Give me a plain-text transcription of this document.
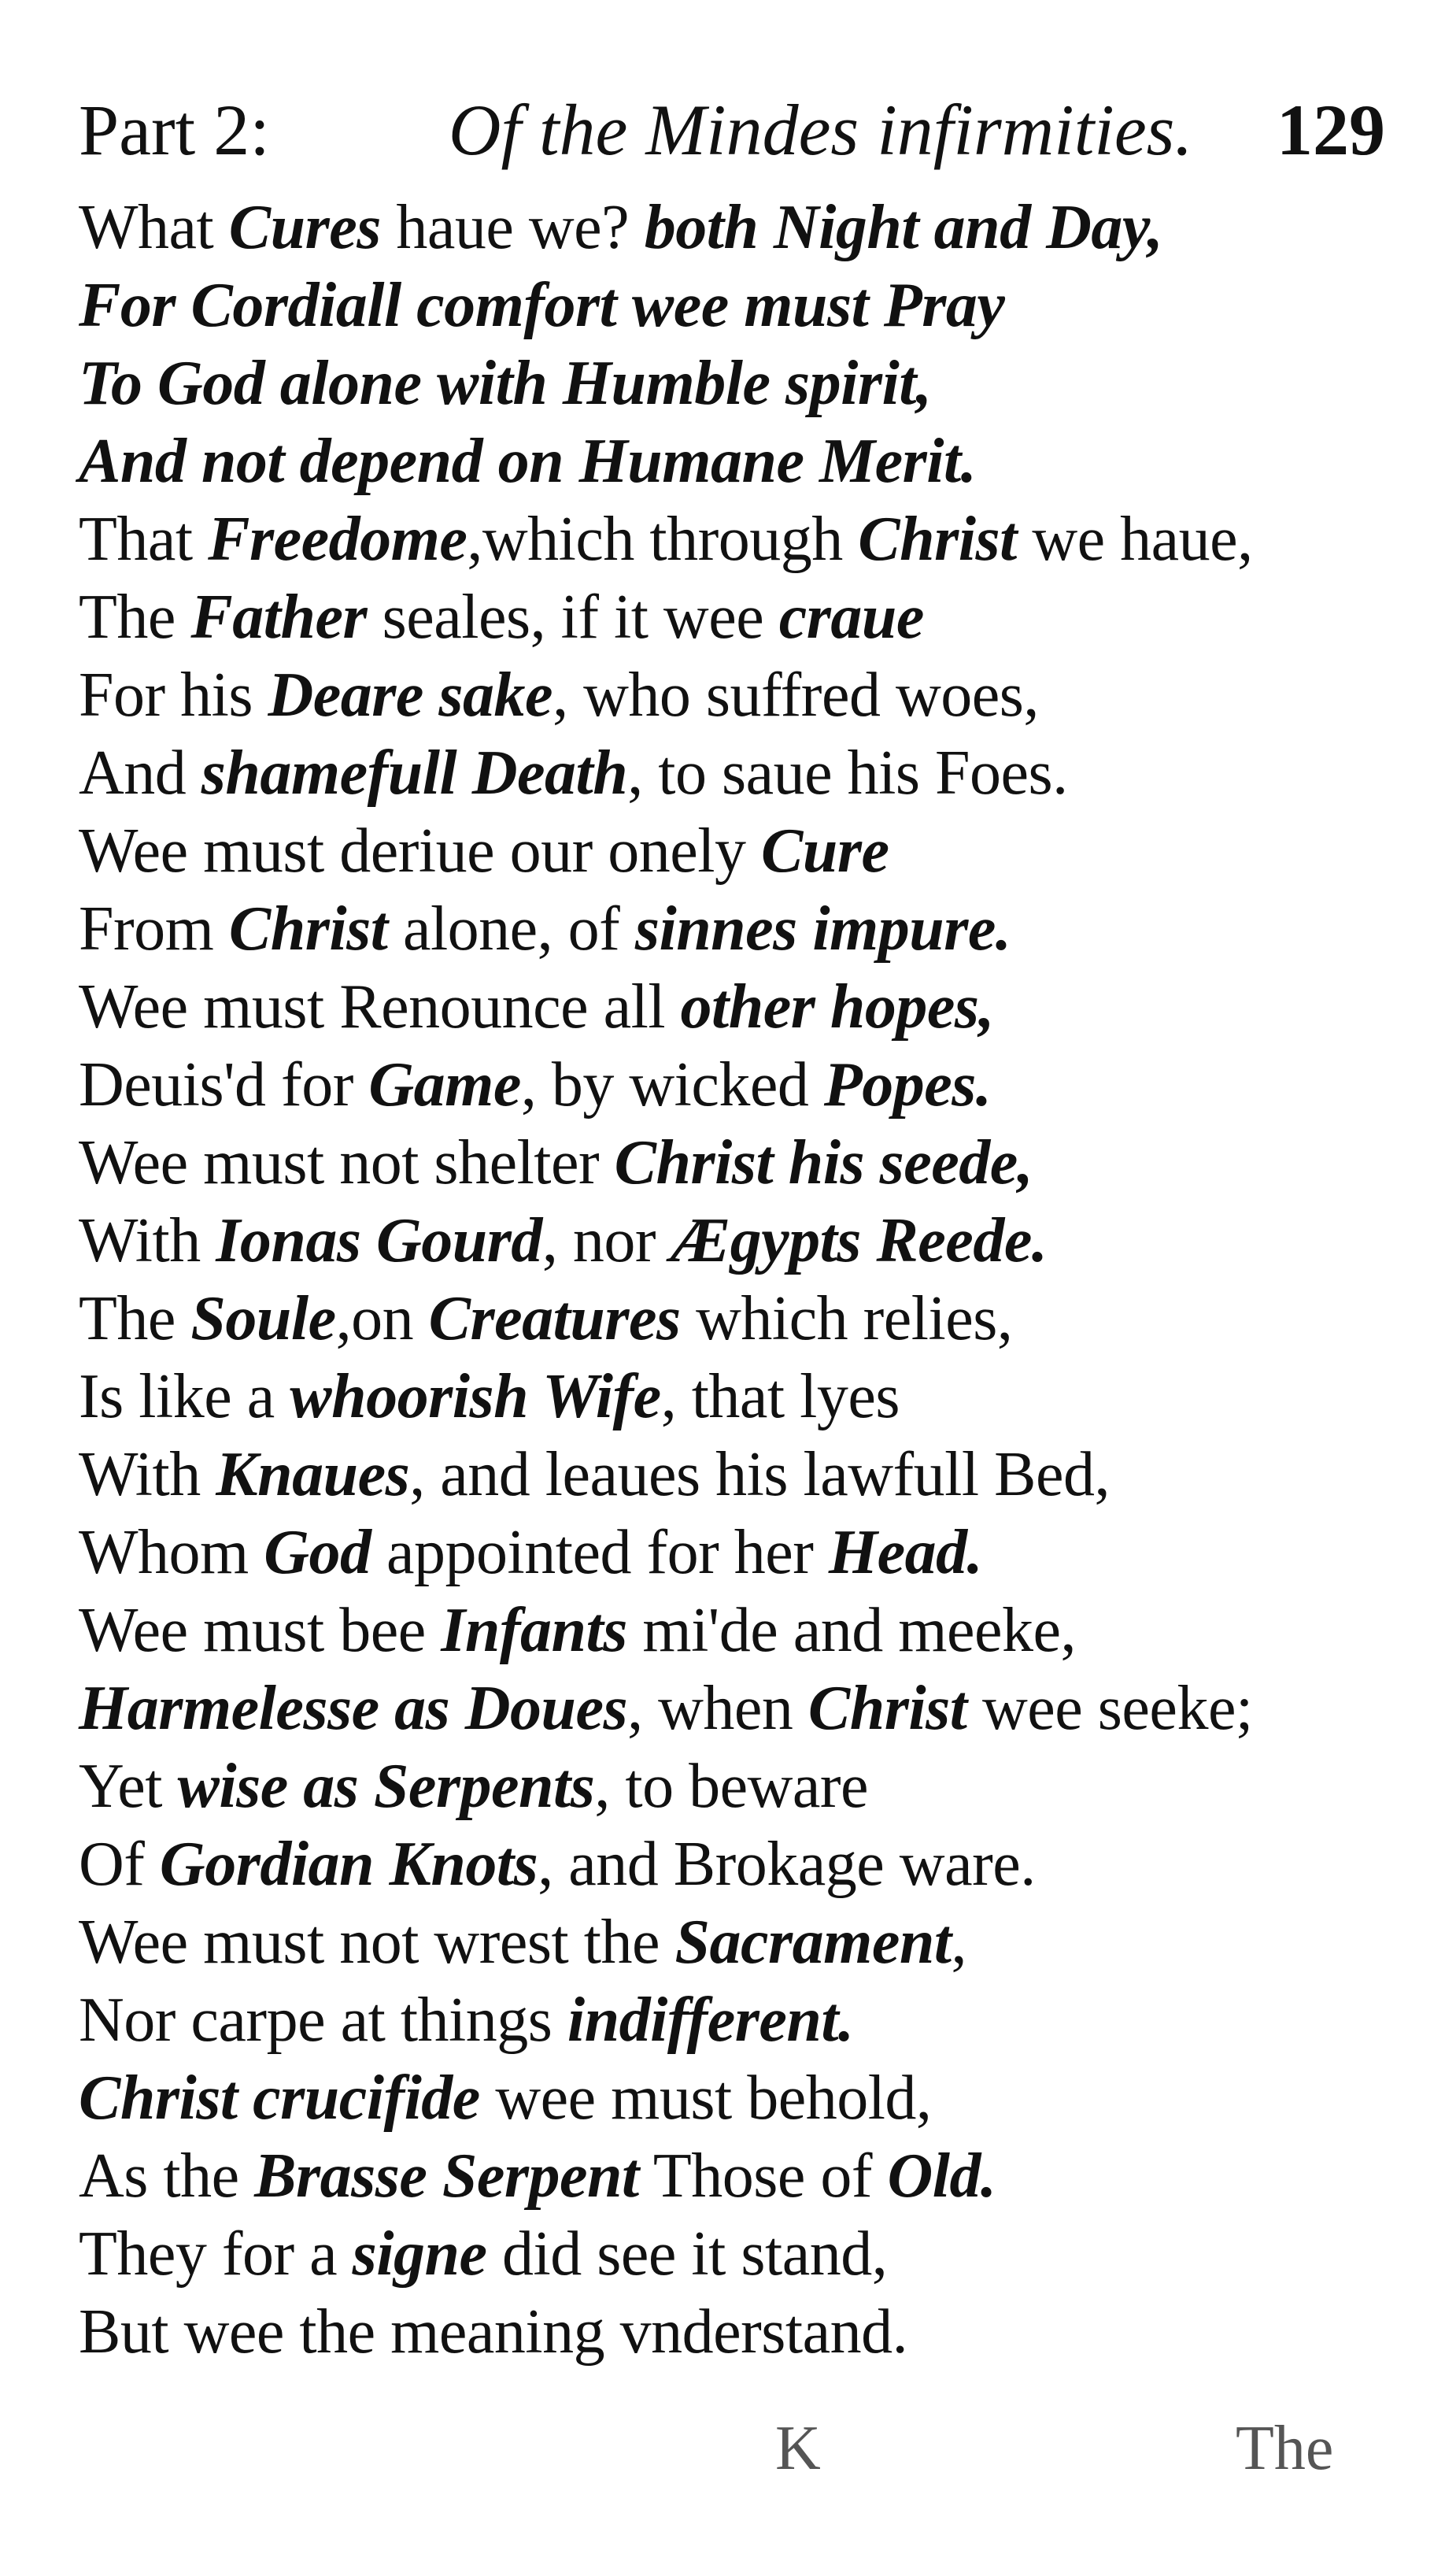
Part 2: Of the Mindes infirmities. 129
What Cures haue we? both Night and Day,
For Cordiall comfort wee must Pray
To God alone with Humble spirit,
And not depend on Humane Merit.
That Freedome,which through Christ we haue,
The Father seales, if it wee craue
For his Deare sake, who suffred woes,
And shamefull Death, to saue his Foes.
Wee must deriue our onely Cure
From Christ alone, of sinnes impure.
Wee must Renounce all other hopes,
Deuis'd for Game, by wicked Popes.
Wee must not shelter Christ his seede,
With Ionas Gourd, nor Ægypts Reede.
The Soule,on Creatures which relies,
Is like a whoorish Wife, that lyes
With Knaues, and leaues his lawfull Bed,
Whom God appointed for her Head.
Wee must bee Infants mi'de and meeke,
Harmelesse as Doues, when Christ wee seeke;
Yet wise as Serpents, to beware
Of Gordian Knots, and Brokage ware.
Wee must not wrest the Sacrament,
Nor carpe at things indifferent.
Christ crucifide wee must behold,
As the Brasse Serpent Those of Old.
They for a signe did see it stand,
But wee the meaning vnderstand.
K	The
